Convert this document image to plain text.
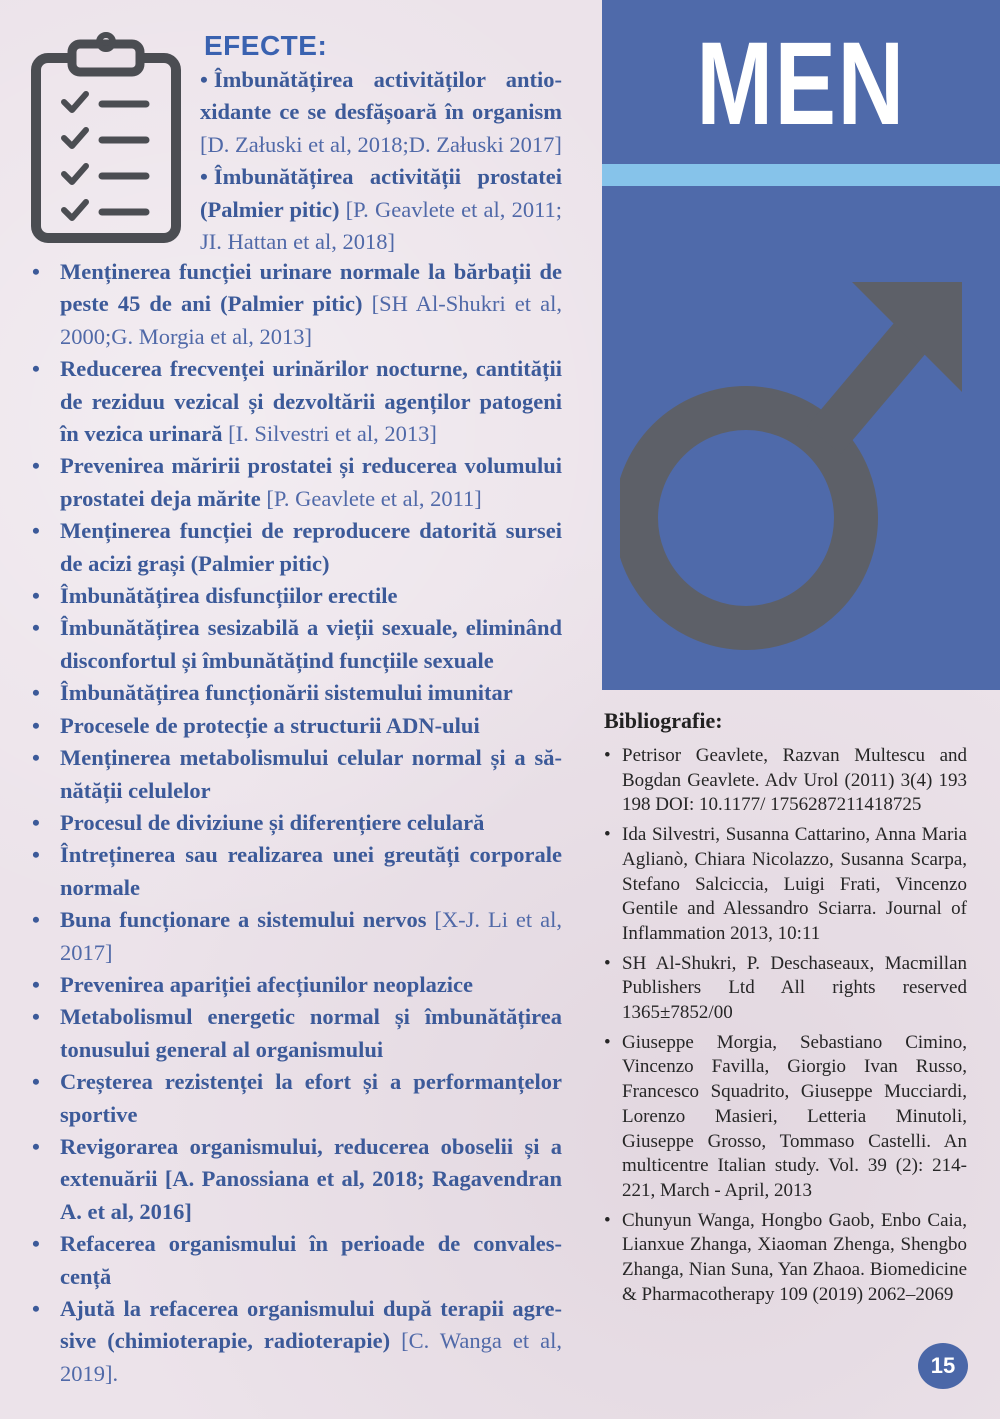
EFECTE:
• Îmbunătățirea activităților antioxidante ce se desfășoară în organism [D. Załuski et al, 2018;D. Załuski 2017]
• Îmbunătățirea activității prostatei (Palmier pitic) [P. Geavlete et al, 2011; JI. Hattan et al, 2018]
• Menținerea funcției urinare normale la bărbații de peste 45 de ani (Palmier pitic) [SH Al-Shukri et al, 2000;G. Morgia et al, 2013]
• Reducerea frecvenței urinărilor nocturne, cantității de reziduu vezical și dezvoltării agenților patogeni în vezica urinară [I. Silvestri et al, 2013]
• Prevenirea măririi prostatei și reducerea volumului prostatei deja mărite [P. Geavlete et al, 2011]
• Menținerea funcției de reproducere datorită sursei de acizi grași (Palmier pitic)
• Îmbunătățirea disfuncțiilor erectile
• Îmbunătățirea sesizabilă a vieții sexuale, eliminând disconfortul și îmbunătățind funcțiile sexuale
• Îmbunătățirea funcționării sistemului imunitar
• Procesele de protecție a structurii ADN-ului
• Menținerea metabolismului celular normal și a sănătății celulelor
• Procesul de diviziune și diferențiere celulară
• Întreținerea sau realizarea unei greutăți corporale normale
• Buna funcționare a sistemului nervos [X-J. Li et al, 2017]
• Prevenirea apariției afecțiunilor neoplazice
• Metabolismul energetic normal și îmbunătățirea tonusului general al organismului
• Creșterea rezistenței la efort și a performanțelor sportive
• Revigorarea organismului, reducerea oboselii și a extenuării [A. Panossiana et al, 2018; Ragavendran A. et al, 2016]
• Refacerea organismului în perioade de convalescență
• Ajută la refacerea organismului după terapii agresive (chimioterapie, radioterapie) [C. Wanga et al, 2019].
MEN
Bibliografie:
• Petrisor Geavlete, Razvan Multescu and Bogdan Geavlete. Adv Urol (2011) 3(4) 193 198 DOI: 10.1177/ 1756287211418725
• Ida Silvestri, Susanna Cattarino, Anna Maria Aglianò, Chiara Nicolazzo, Susanna Scarpa, Stefano Salciccia, Luigi Frati, Vincenzo Gentile and Alessandro Sciarra. Journal of Inflammation 2013, 10:11
• SH Al-Shukri, P. Deschaseaux, Macmillan Publishers Ltd All rights reserved 1365±7852/00
• Giuseppe Morgia, Sebastiano Cimino, Vincenzo Favilla, Giorgio Ivan Russo, Francesco Squadrito, Giuseppe Mucciardi, Lorenzo Masieri, Letteria Minutoli, Giuseppe Grosso, Tommaso Castelli. An multicentre Italian study. Vol. 39 (2): 214-221, March - April, 2013
• Chunyun Wanga, Hongbo Gaob, Enbo Caia, Lianxue Zhanga, Xiaoman Zhenga, Shengbo Zhanga, Nian Suna, Yan Zhaoa. Biomedicine & Pharmacotherapy 109 (2019) 2062–2069
15
